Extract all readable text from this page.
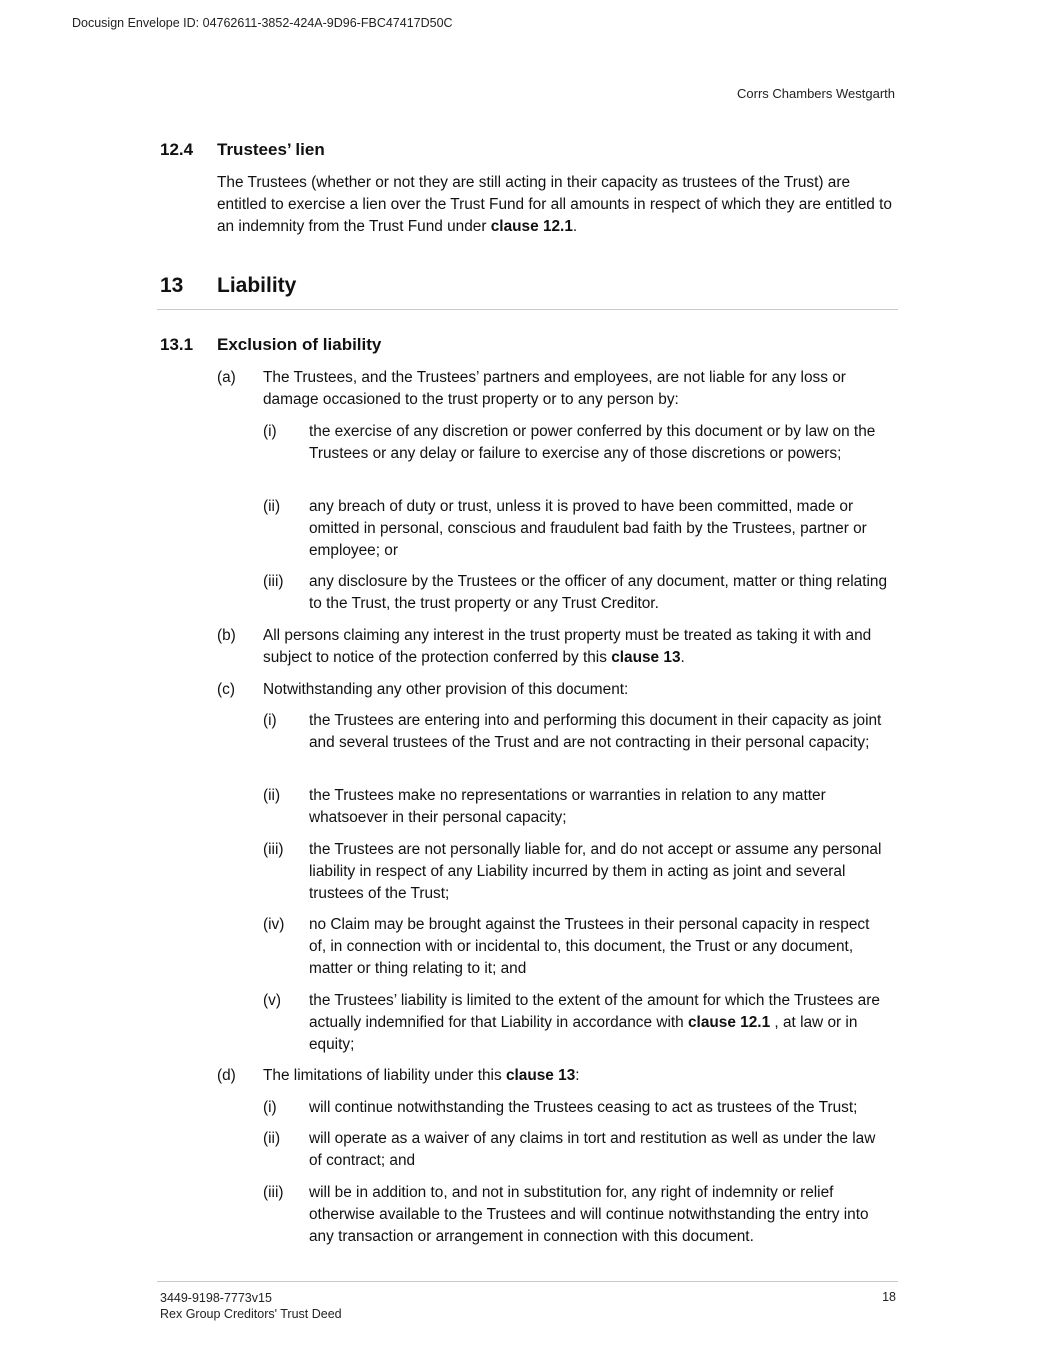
Docusign Envelope ID: 04762611-3852-424A-9D96-FBC47417D50C
Corrs Chambers Westgarth
12.4 Trustees’ lien
The Trustees (whether or not they are still acting in their capacity as trustees of the Trust) are entitled to exercise a lien over the Trust Fund for all amounts in respect of which they are entitled to an indemnity from the Trust Fund under clause 12.1.
13 Liability
13.1 Exclusion of liability
(a) The Trustees, and the Trustees’ partners and employees, are not liable for any loss or damage occasioned to the trust property or to any person by:
(i) the exercise of any discretion or power conferred by this document or by law on the Trustees or any delay or failure to exercise any of those discretions or powers;
(ii) any breach of duty or trust, unless it is proved to have been committed, made or omitted in personal, conscious and fraudulent bad faith by the Trustees, partner or employee; or
(iii) any disclosure by the Trustees or the officer of any document, matter or thing relating to the Trust, the trust property or any Trust Creditor.
(b) All persons claiming any interest in the trust property must be treated as taking it with and subject to notice of the protection conferred by this clause 13.
(c) Notwithstanding any other provision of this document:
(i) the Trustees are entering into and performing this document in their capacity as joint and several trustees of the Trust and are not contracting in their personal capacity;
(ii) the Trustees make no representations or warranties in relation to any matter whatsoever in their personal capacity;
(iii) the Trustees are not personally liable for, and do not accept or assume any personal liability in respect of any Liability incurred by them in acting as joint and several trustees of the Trust;
(iv) no Claim may be brought against the Trustees in their personal capacity in respect of, in connection with or incidental to, this document, the Trust or any document, matter or thing relating to it; and
(v) the Trustees’ liability is limited to the extent of the amount for which the Trustees are actually indemnified for that Liability in accordance with clause 12.1 , at law or in equity;
(d) The limitations of liability under this clause 13:
(i) will continue notwithstanding the Trustees ceasing to act as trustees of the Trust;
(ii) will operate as a waiver of any claims in tort and restitution as well as under the law of contract; and
(iii) will be in addition to, and not in substitution for, any right of indemnity or relief otherwise available to the Trustees and will continue notwithstanding the entry into any transaction or arrangement in connection with this document.
3449-9198-7773v15
Rex Group Creditors' Trust Deed
18
